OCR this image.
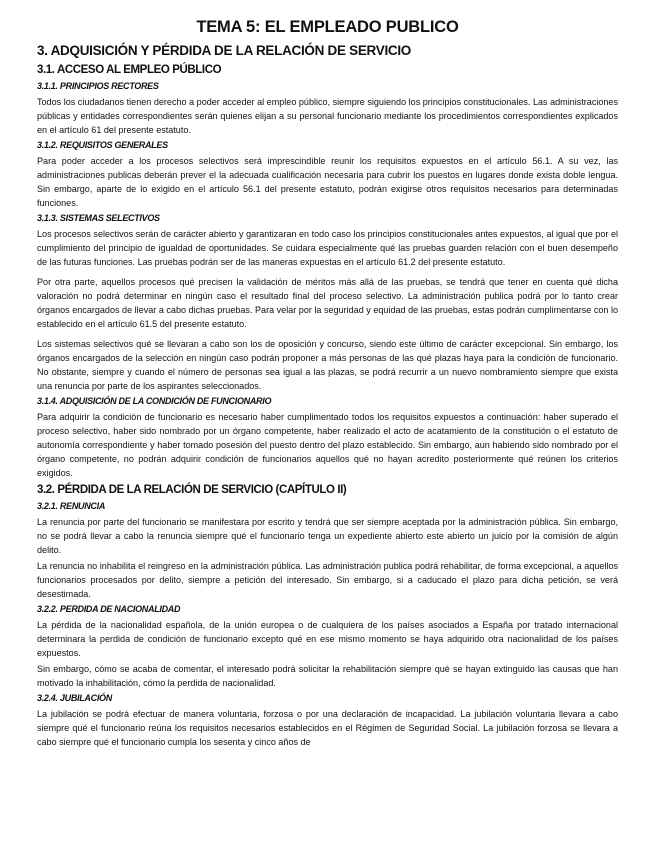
TEMA 5: EL EMPLEADO PUBLICO
3. ADQUISICIÓN Y PÉRDIDA DE LA RELACIÓN DE SERVICIO
3.1. ACCESO AL EMPLEO PÚBLICO
3.1.1. PRINCIPIOS RECTORES

Todos los ciudadanos tienen derecho a poder acceder al empleo público, siempre siguiendo los principios constitucionales. Las administraciones públicas y entidades correspondientes serán quienes elijan a su personal funcionario mediante los procedimientos correspondientes explicados en el artículo 61 del presente estatuto.

3.1.2. REQUISITOS GENERALES

Para poder acceder a los procesos selectivos será imprescindible reunir los requisitos expuestos en el artículo 56.1. A su vez, las administraciones publicas deberán prever el la adecuada cualificación necesaria para cubrir los puestos en lugares donde exista doble lengua. Sin embargo, aparte de lo exigido en el artículo 56.1 del presente estatuto, podrán exigirse otros requisitos necesarios para determinadas funciones.

3.1.3. SISTEMAS SELECTIVOS

Los procesos selectivos serán de carácter abierto y garantizaran en todo caso los principios constitucionales antes expuestos, al igual que por el cumplimiento del principio de igualdad de oportunidades. Se cuidara especialmente qué las pruebas guarden relación con el buen desempeño de las futuras funciones. Las pruebas podrán ser de las maneras expuestas en el artículo 61.2 del presente estatuto.

Por otra parte, aquellos procesos qué precisen la validación de méritos más allá de las pruebas, se tendrá que tener en cuenta qué dicha valoración no podrá determinar en ningún caso el resultado final del proceso selectivo. La administración publica podrá por lo tanto crear órganos encargados de llevar a cabo dichas pruebas. Para velar por la seguridad y equidad de las pruebas, estas podrán cumplimentarse con lo establecido en el artículo 61.5 del presente estatuto.

Los sistemas selectivos qué se llevaran a cabo son los de oposición y concurso, siendo este último de carácter excepcional. Sin embargo, los órganos encargados de la selección en ningún caso podrán proponer a más personas de las qué plazas haya para la condición de funcionario. No obstante, siempre y cuando el número de personas sea igual a las plazas, se podrá recurrir a un nuevo nombramiento siempre que exista una renuncia por parte de los aspirantes seleccionados.

3.1.4. ADQUISICIÓN DE LA CONDICIÓN DE FUNCIONARIO

Para adquirir la condición de funcionario es necesario haber cumplimentado todos los requisitos expuestos a continuación: haber superado el proceso selectivo, haber sido nombrado por un órgano competente, haber realizado el acto de acatamiento de la constitución o el estatuto de autonomía correspondiente y haber tomado posesión del puesto dentro del plazo establecido. Sin embargo, aun habiendo sido nombrado por el órgano competente, no podrán adquirir condición de funcionarios aquellos qué no hayan acredito posteriormente qué reúnen los criterios exigidos.

3.2. PÉRDIDA DE LA RELACIÓN DE SERVICIO (CAPÍTULO II)
3.2.1. RENUNCIA

La renuncia por parte del funcionario se manifestara por escrito y tendrá que ser siempre aceptada por la administración pública. Sin embargo, no se podrá llevar a cabo la renuncia siempre qué el funcionario tenga un expediente abierto este abierto un juicio por la comisión de algún delito.

La renuncia no inhabilita el reingreso en la administración pública. Las administración publica podrá rehabilitar, de forma excepcional, a aquellos funcionarios procesados por delito, siempre a petición del interesado. Sin embargo, si a caducado el plazo para dicha petición, se verá desestimada.

3.2.2. PERDIDA DE NACIONALIDAD

La pérdida de la nacionalidad española, de la unión europea o de cualquiera de los países asociados a España por tratado internacional determinara la perdida de condición de funcionario excepto qué en ese mismo momento se haya adquirido otra nacionalidad de los países expuestos.

Sin embargo, cómo se acaba de comentar, el interesado podrá solicitar la rehabilitación siempre qué se hayan extinguido las causas que han motivado la inhabilitación, cómo la perdida de nacionalidad.

3.2.4. JUBILACIÓN

La jubilación se podrá efectuar de manera voluntaria, forzosa o por una declaración de incapacidad. La jubilación voluntaria llevara a cabo siempre qué el funcionario reúna los requisitos necesarios establecidos en el Régimen de Seguridad Social. La jubilación forzosa se llevara a cabo siempre qué el funcionario cumpla los sesenta y cinco años de
